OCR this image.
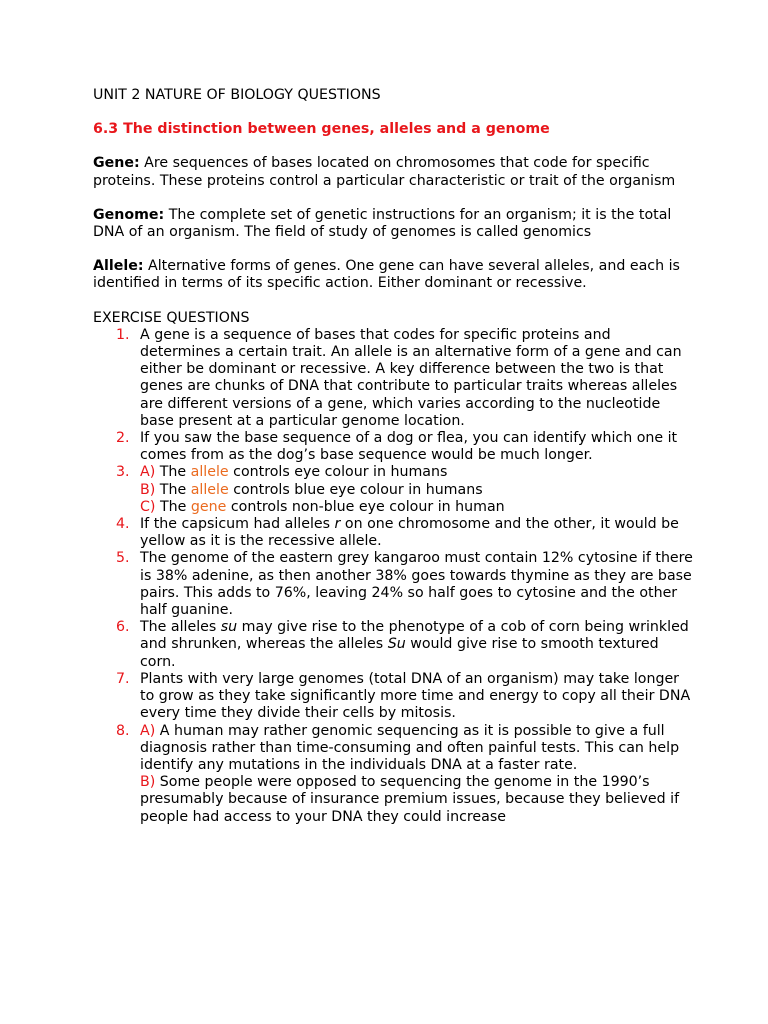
UNIT 2 NATURE OF BIOLOGY QUESTIONS
6.3 The distinction between genes, alleles and a genome
Gene: Are sequences of bases located on chromosomes that code for specific proteins. These proteins control a particular characteristic or trait of the organism
Genome: The complete set of genetic instructions for an organism; it is the total DNA of an organism. The field of study of genomes is called genomics
Allele: Alternative forms of genes. One gene can have several alleles, and each is identified in terms of its specific action. Either dominant or recessive.
EXERCISE QUESTIONS
1. A gene is a sequence of bases that codes for specific proteins and determines a certain trait. An allele is an alternative form of a gene and can either be dominant or recessive. A key difference between the two is that genes are chunks of DNA that contribute to particular traits whereas alleles are different versions of a gene, which varies according to the nucleotide base present at a particular genome location.
2. If you saw the base sequence of a dog or flea, you can identify which one it comes from as the dog’s base sequence would be much longer.
3. A) The allele controls eye colour in humans
B) The allele controls blue eye colour in humans
C) The gene controls non-blue eye colour in human
4. If the capsicum had alleles r on one chromosome and the other, it would be yellow as it is the recessive allele.
5. The genome of the eastern grey kangaroo must contain 12% cytosine if there is 38% adenine, as then another 38% goes towards thymine as they are base pairs. This adds to 76%, leaving 24% so half goes to cytosine and the other half guanine.
6. The alleles su may give rise to the phenotype of a cob of corn being wrinkled and shrunken, whereas the alleles Su would give rise to smooth textured corn.
7. Plants with very large genomes (total DNA of an organism) may take longer to grow as they take significantly more time and energy to copy all their DNA every time they divide their cells by mitosis.
8. A) A human may rather genomic sequencing as it is possible to give a full diagnosis rather than time-consuming and often painful tests. This can help identify any mutations in the individuals DNA at a faster rate.
B) Some people were opposed to sequencing the genome in the 1990’s presumably because of insurance premium issues, because they believed if people had access to your DNA they could increase
